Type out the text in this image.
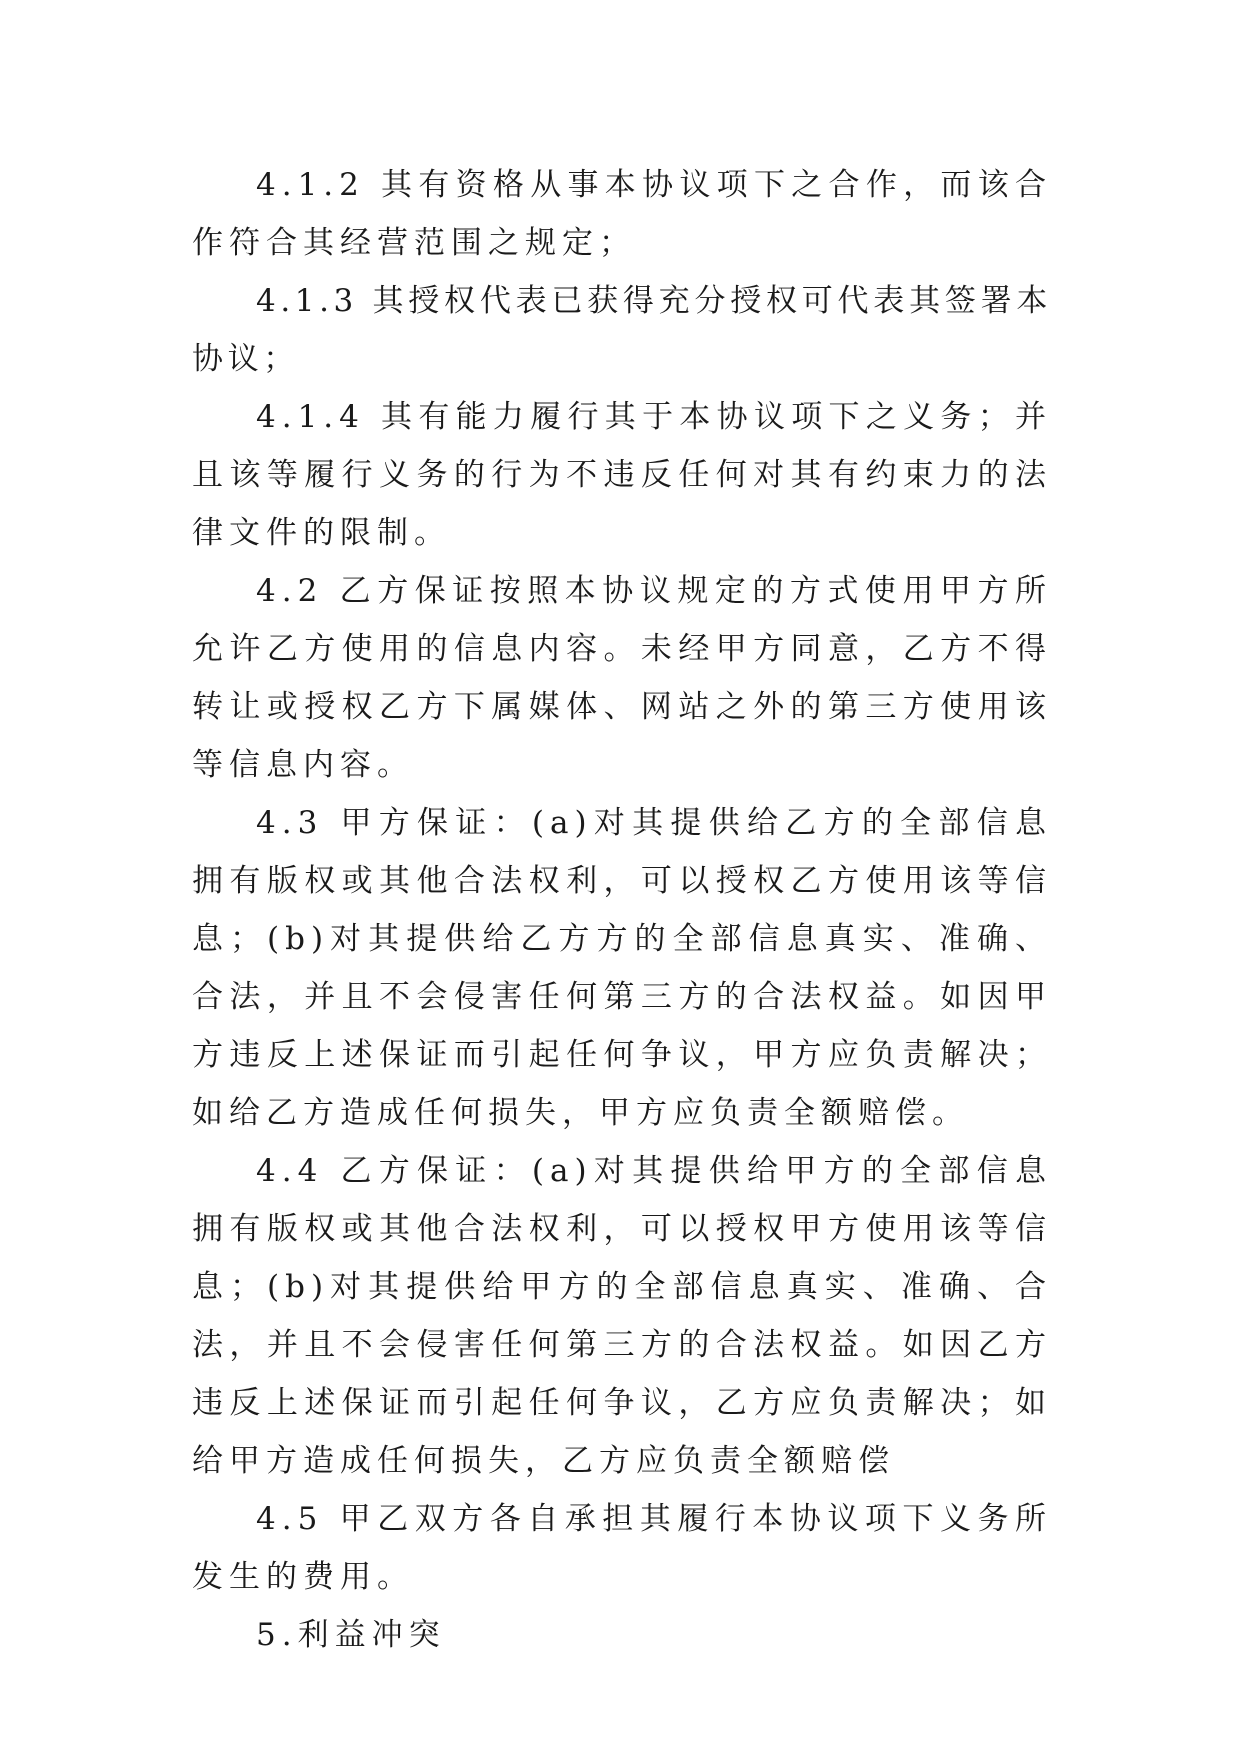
4.1.2 其有资格从事本协议项下之合作，而该合作符合其经营范围之规定；

4.1.3 其授权代表已获得充分授权可代表其签署本协议；

4.1.4 其有能力履行其于本协议项下之义务；并且该等履行义务的行为不违反任何对其有约束力的法律文件的限制。

4.2 乙方保证按照本协议规定的方式使用甲方所允许乙方使用的信息内容。未经甲方同意，乙方不得转让或授权乙方下属媒体、网站之外的第三方使用该等信息内容。

4.3 甲方保证：(a)对其提供给乙方的全部信息拥有版权或其他合法权利，可以授权乙方使用该等信息；(b)对其提供给乙方方的全部信息真实、准确、合法，并且不会侵害任何第三方的合法权益。如因甲方违反上述保证而引起任何争议，甲方应负责解决；如给乙方造成任何损失，甲方应负责全额赔偿。

4.4 乙方保证：(a)对其提供给甲方的全部信息拥有版权或其他合法权利，可以授权甲方使用该等信息；(b)对其提供给甲方的全部信息真实、准确、合法，并且不会侵害任何第三方的合法权益。如因乙方违反上述保证而引起任何争议，乙方应负责解决；如给甲方造成任何损失，乙方应负责全额赔偿

4.5 甲乙双方各自承担其履行本协议项下义务所发生的费用。

5.利益冲突
